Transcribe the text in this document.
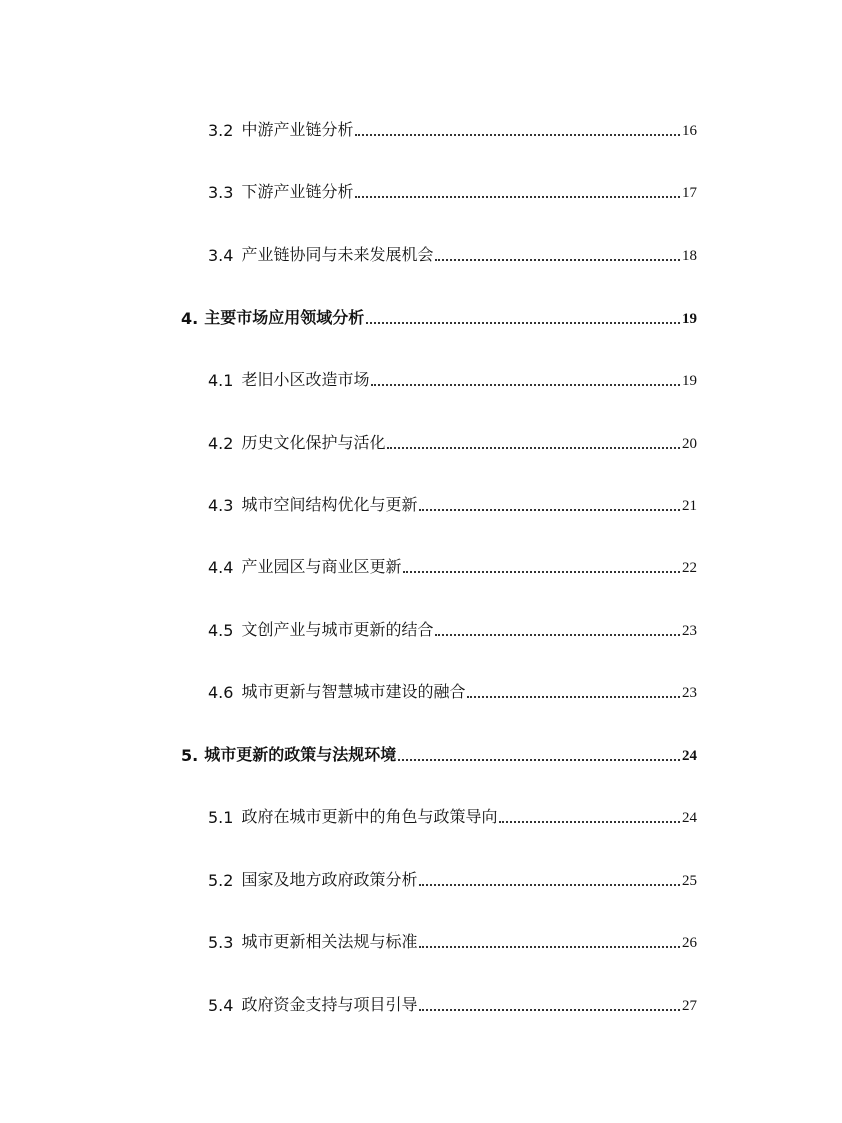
3.2 中游产业链分析	16
3.3 下游产业链分析	17
3.4 产业链协同与未来发展机会	18
4. 主要市场应用领域分析	19
4.1 老旧小区改造市场	19
4.2 历史文化保护与活化	20
4.3 城市空间结构优化与更新	21
4.4 产业园区与商业区更新	22
4.5 文创产业与城市更新的结合	23
4.6 城市更新与智慧城市建设的融合	23
5. 城市更新的政策与法规环境	24
5.1 政府在城市更新中的角色与政策导向	24
5.2 国家及地方政府政策分析	25
5.3 城市更新相关法规与标准	26
5.4 政府资金支持与项目引导	27
